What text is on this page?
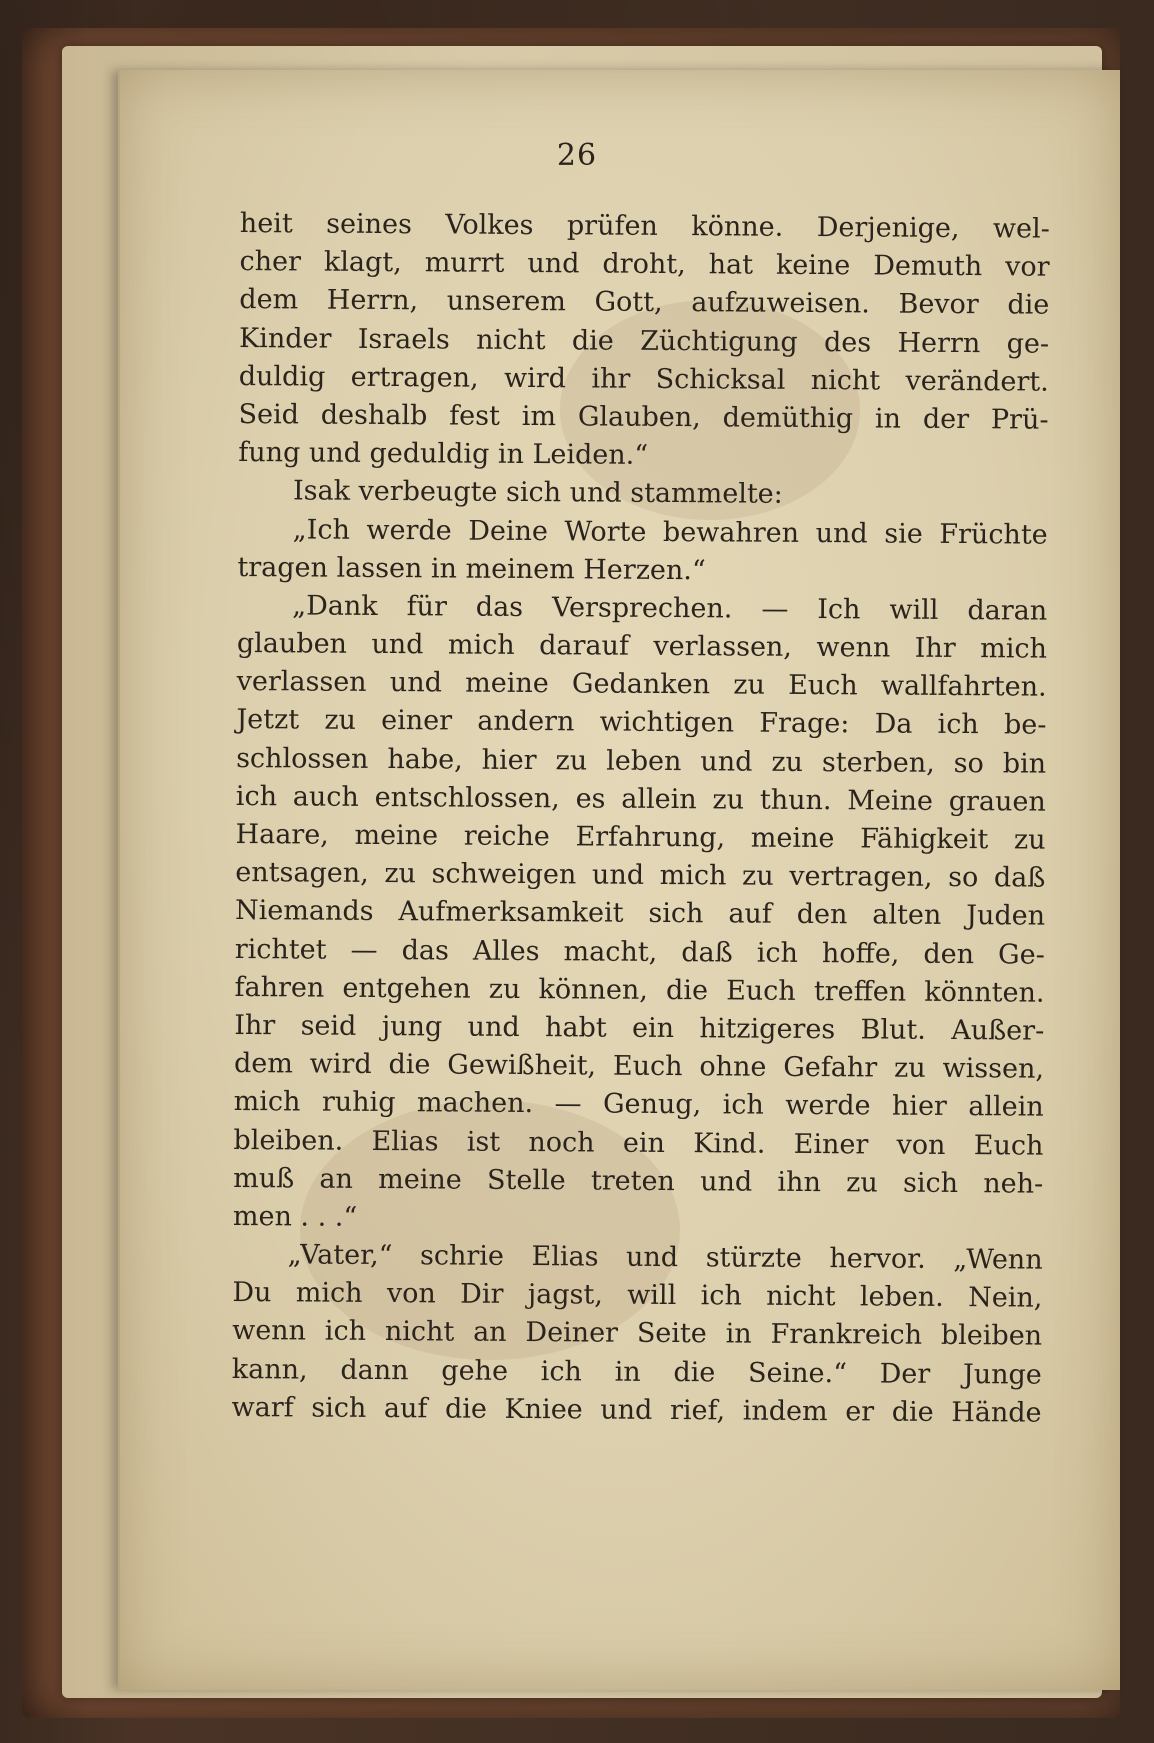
26
heit seines Volkes prüfen könne. Derjenige, wel-
cher klagt, murrt und droht, hat keine Demuth vor
dem Herrn, unserem Gott, aufzuweisen. Bevor die
Kinder Israels nicht die Züchtigung des Herrn ge-
duldig ertragen, wird ihr Schicksal nicht verändert.
Seid deshalb fest im Glauben, demüthig in der Prü-
fung und geduldig in Leiden.“
Isak verbeugte sich und stammelte:
„Ich werde Deine Worte bewahren und sie Früchte
tragen lassen in meinem Herzen.“
„Dank für das Versprechen. — Ich will daran
glauben und mich darauf verlassen, wenn Ihr mich
verlassen und meine Gedanken zu Euch wallfahrten.
Jetzt zu einer andern wichtigen Frage: Da ich be-
schlossen habe, hier zu leben und zu sterben, so bin
ich auch entschlossen, es allein zu thun. Meine grauen
Haare, meine reiche Erfahrung, meine Fähigkeit zu
entsagen, zu schweigen und mich zu vertragen, so daß
Niemands Aufmerksamkeit sich auf den alten Juden
richtet — das Alles macht, daß ich hoffe, den Ge-
fahren entgehen zu können, die Euch treffen könnten.
Ihr seid jung und habt ein hitzigeres Blut. Außer-
dem wird die Gewißheit, Euch ohne Gefahr zu wissen,
mich ruhig machen. — Genug, ich werde hier allein
bleiben. Elias ist noch ein Kind. Einer von Euch
muß an meine Stelle treten und ihn zu sich neh-
men . . .“
„Vater,“ schrie Elias und stürzte hervor. „Wenn
Du mich von Dir jagst, will ich nicht leben. Nein,
wenn ich nicht an Deiner Seite in Frankreich bleiben
kann, dann gehe ich in die Seine.“ Der Junge
warf sich auf die Kniee und rief, indem er die Hände
